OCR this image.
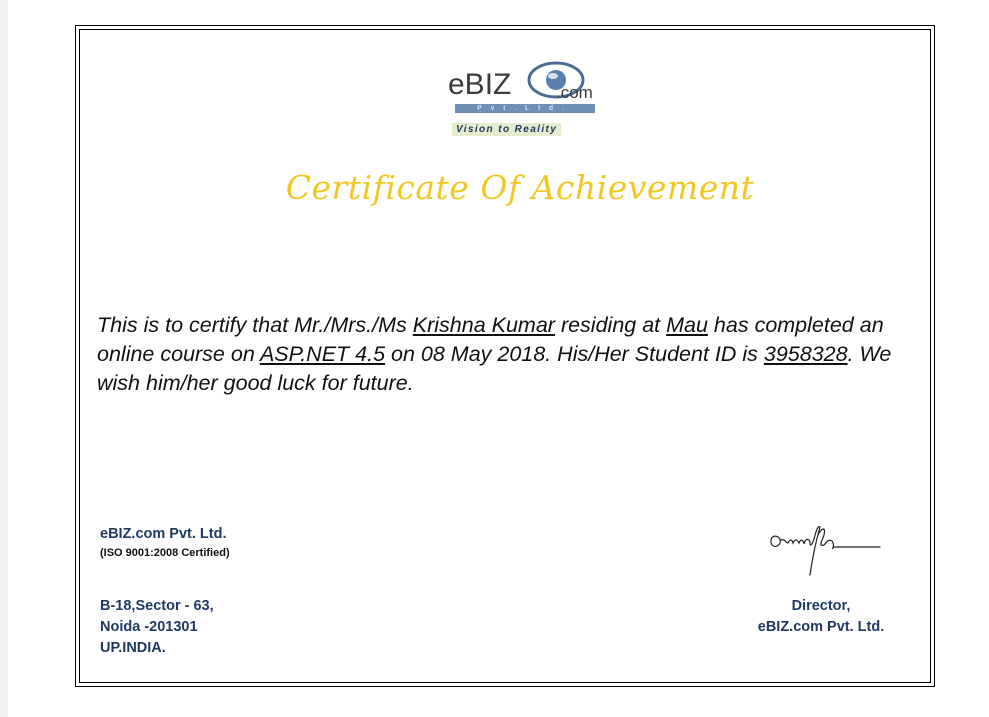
eBIZ	.com
Pvt.Ltd.
Vision to Reality
Certificate Of Achievement
This is to certify that Mr./Mrs./Ms Krishna Kumar residing at Mau has completed an online course on ASP.NET 4.5 on 08 May 2018. His/Her Student ID is 3958328. We wish him/her good luck for future.
eBIZ.com Pvt. Ltd.
(ISO 9001:2008 Certified)
B-18,Sector - 63,
Noida -201301
UP.INDIA.
Director,
eBIZ.com Pvt. Ltd.
